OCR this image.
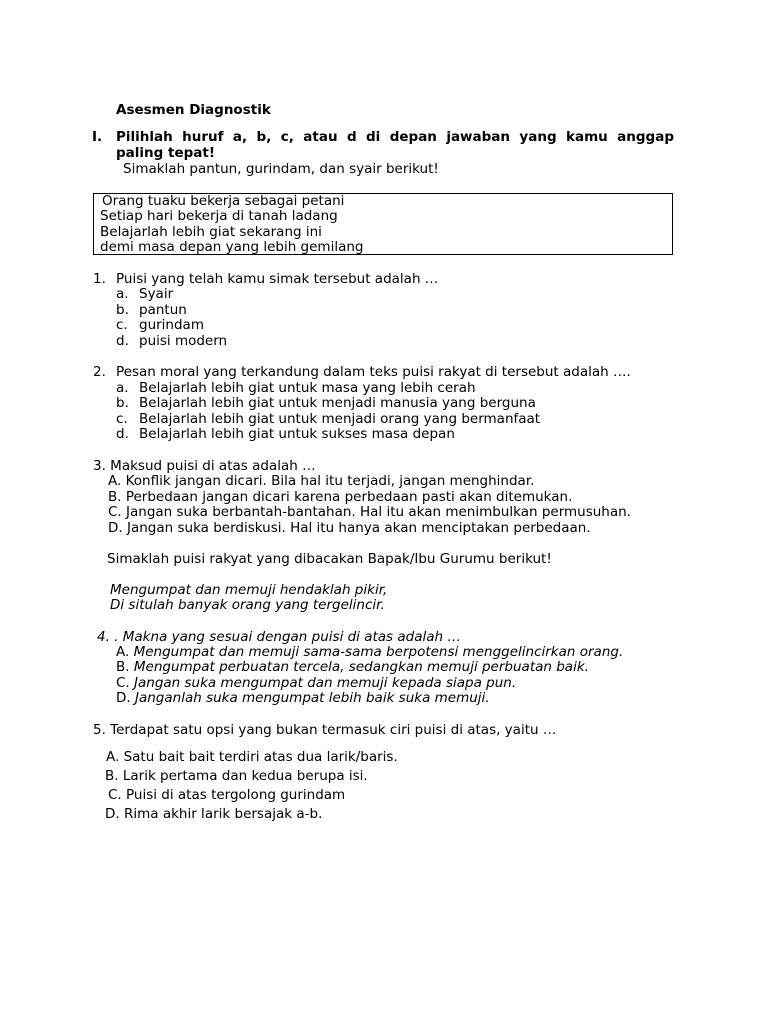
Asesmen Diagnostik
I. Pilihlah huruf a, b, c, atau d di depan jawaban yang kamu anggap
paling tepat!
Simaklah pantun, gurindam, dan syair berikut!
Orang tuaku bekerja sebagai petani
Setiap hari bekerja di tanah ladang
Belajarlah lebih giat sekarang ini
demi masa depan yang lebih gemilang
1. Puisi yang telah kamu simak tersebut adalah …
a. Syair
b. pantun
c. gurindam
d. puisi modern
2. Pesan moral yang terkandung dalam teks puisi rakyat di tersebut adalah ….
a. Belajarlah lebih giat untuk masa yang lebih cerah
b. Belajarlah lebih giat untuk menjadi manusia yang berguna
c. Belajarlah lebih giat untuk menjadi orang yang bermanfaat
d. Belajarlah lebih giat untuk sukses masa depan
3. Maksud puisi di atas adalah …
A. Konflik jangan dicari. Bila hal itu terjadi, jangan menghindar.
B. Perbedaan jangan dicari karena perbedaan pasti akan ditemukan.
C. Jangan suka berbantah-bantahan. Hal itu akan menimbulkan permusuhan.
D. Jangan suka berdiskusi. Hal itu hanya akan menciptakan perbedaan.
Simaklah puisi rakyat yang dibacakan Bapak/Ibu Gurumu berikut!
Mengumpat dan memuji hendaklah pikir,
Di situlah banyak orang yang tergelincir.
4. . Makna yang sesuai dengan puisi di atas adalah …
A. Mengumpat dan memuji sama-sama berpotensi menggelincirkan orang.
B. Mengumpat perbuatan tercela, sedangkan memuji perbuatan baik.
C. Jangan suka mengumpat dan memuji kepada siapa pun.
D. Janganlah suka mengumpat lebih baik suka memuji.
5. Terdapat satu opsi yang bukan termasuk ciri puisi di atas, yaitu …
A. Satu bait bait terdiri atas dua larik/baris.
B. Larik pertama dan kedua berupa isi.
C. Puisi di atas tergolong gurindam
D. Rima akhir larik bersajak a-b.
